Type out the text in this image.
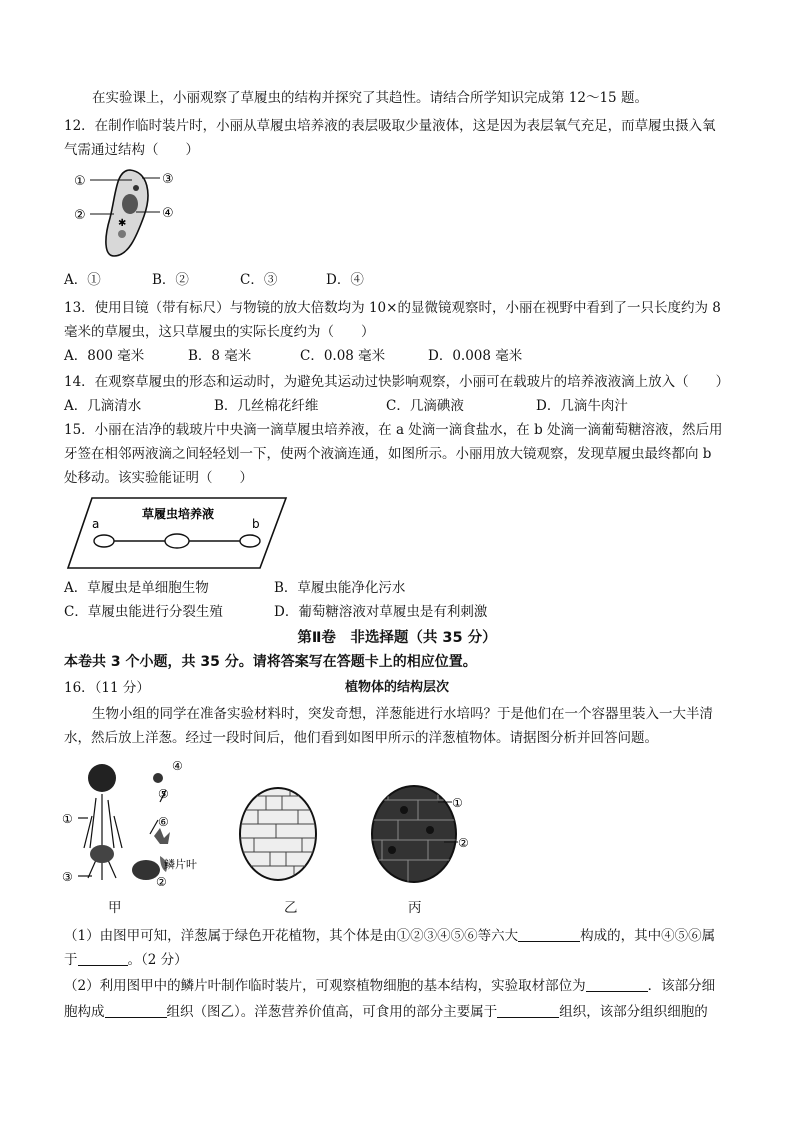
在实验课上，小丽观察了草履虫的结构并探究了其趋性。请结合所学知识完成第 12～15 题。
12．在制作临时装片时，小丽从草履虫培养液的表层吸取少量液体，这是因为表层氧气充足，而草履虫摄入氧
气需通过结构（　　）
✱
①
②
③
④
A．①	B．②	C．③	D．④
13．使用目镜（带有标尺）与物镜的放大倍数均为 10×的显微镜观察时，小丽在视野中看到了一只长度约为 8
毫米的草履虫，这只草履虫的实际长度约为（　　）
A．800 毫米	B．8 毫米	C．0.08 毫米	D．0.008 毫米
14．在观察草履虫的形态和运动时，为避免其运动过快影响观察，小丽可在载玻片的培养液液滴上放入（　　）
A．几滴清水	B．几丝棉花纤维	C．几滴碘液	D．几滴牛肉汁
15．小丽在洁净的载玻片中央滴一滴草履虫培养液，在 a 处滴一滴食盐水，在 b 处滴一滴葡萄糖溶液，然后用
牙签在相邻两液滴之间轻轻划一下，使两个液滴连通，如图所示。小丽用放大镜观察，发现草履虫最终都向 b
处移动。该实验能证明（　　）
草履虫培养液
a	b
A．草履虫是单细胞生物	B．草履虫能净化污水
C．草履虫能进行分裂生殖	D．葡萄糖溶液对草履虫是有利刺激
第Ⅱ卷　非选择题（共 35 分）
本卷共 3 个小题，共 35 分。请将答案写在答题卡上的相应位置。
16．（11 分）	植物体的结构层次
生物小组的同学在准备实验材料时，突发奇想，洋葱能进行水培吗？于是他们在一个容器里装入一大半清
水，然后放上洋葱。经过一段时间后，他们看到如图甲所示的洋葱植物体。请据图分析并回答问题。
①
②
③
④
⑤
⑥
鳞片叶
①
②
甲	乙	丙
（1）由图甲可知，洋葱属于绿色开花植物，其个体是由①②③④⑤⑥等六大	构成的，其中④⑤⑥属
于	。（2 分）
（2）利用图甲中的鳞片叶制作临时装片，可观察植物细胞的基本结构，实验取材部位为	．该部分细
胞构成	组织（图乙）。洋葱营养价值高，可食用的部分主要属于	组织，该部分组织细胞的
